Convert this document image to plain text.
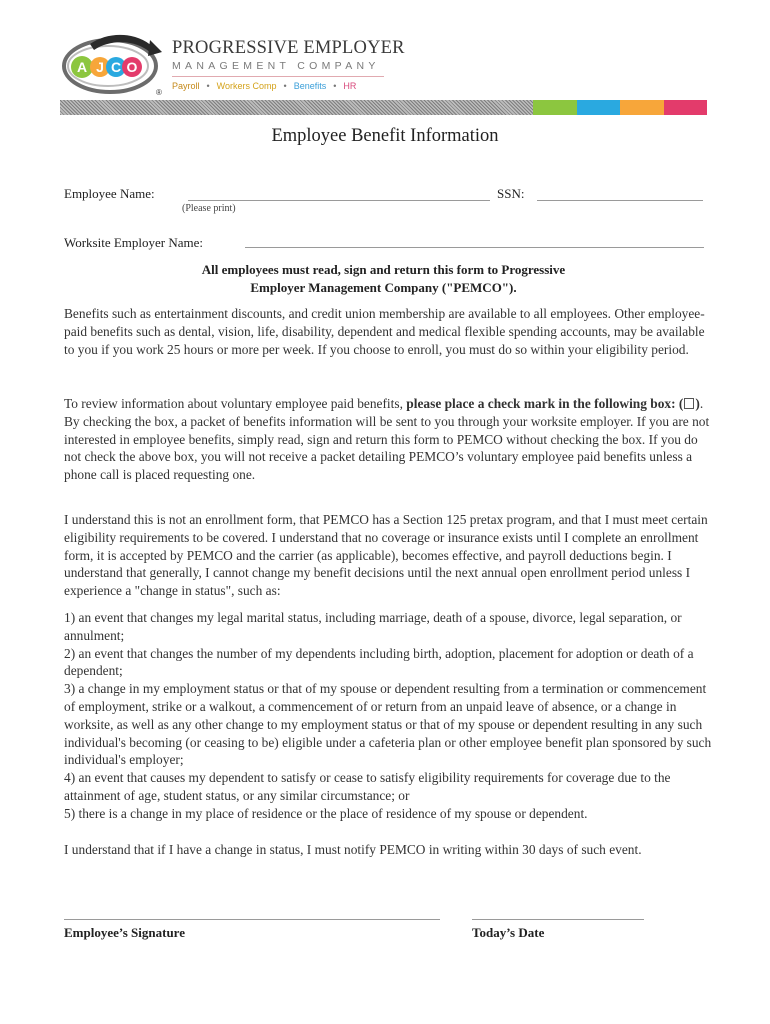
A J C O
®
PROGRESSIVE EMPLOYER
MANAGEMENT COMPANY
Payroll • Workers Comp • Benefits • HR
Employee Benefit Information
Employee Name:
(Please print)
SSN:
Worksite Employer Name:
All employees must read, sign and return this form to Progressive Employer Management Company ("PEMCO").

Benefits such as entertainment discounts, and credit union membership are available to all employees. Other employee-paid benefits such as dental, vision, life, disability, dependent and medical flexible spending accounts, may be available to you if you work 25 hours or more per week. If you choose to enroll, you must do so within your eligibility period.

To review information about voluntary employee paid benefits, please place a check mark in the following box: ( ). By checking the box, a packet of benefits information will be sent to you through your worksite employer. If you are not interested in employee benefits, simply read, sign and return this form to PEMCO without checking the box. If you do not check the above box, you will not receive a packet detailing PEMCO’s voluntary employee paid benefits unless a phone call is placed requesting one.

I understand this is not an enrollment form, that PEMCO has a Section 125 pretax program, and that I must meet certain eligibility requirements to be covered. I understand that no coverage or insurance exists until I complete an enrollment form, it is accepted by PEMCO and the carrier (as applicable), becomes effective, and payroll deductions begin. I understand that generally, I cannot change my benefit decisions until the next annual open enrollment period unless I experience a "change in status", such as:

1) an event that changes my legal marital status, including marriage, death of a spouse, divorce, legal separation, or annulment;

2) an event that changes the number of my dependents including birth, adoption, placement for adoption or death of a dependent;

3) a change in my employment status or that of my spouse or dependent resulting from a termination or commencement of employment, strike or a walkout, a commencement of or return from an unpaid leave of absence, or a change in worksite, as well as any other change to my employment status or that of my spouse or dependent resulting in any such individual's becoming (or ceasing to be) eligible under a cafeteria plan or other employee benefit plan sponsored by such individual's employer;

4) an event that causes my dependent to satisfy or cease to satisfy eligibility requirements for coverage due to the attainment of age, student status, or any similar circumstance; or

5) there is a change in my place of residence or the place of residence of my spouse or dependent.

I understand that if I have a change in status, I must notify PEMCO in writing within 30 days of such event.

Employee’s Signature	Today’s Date
